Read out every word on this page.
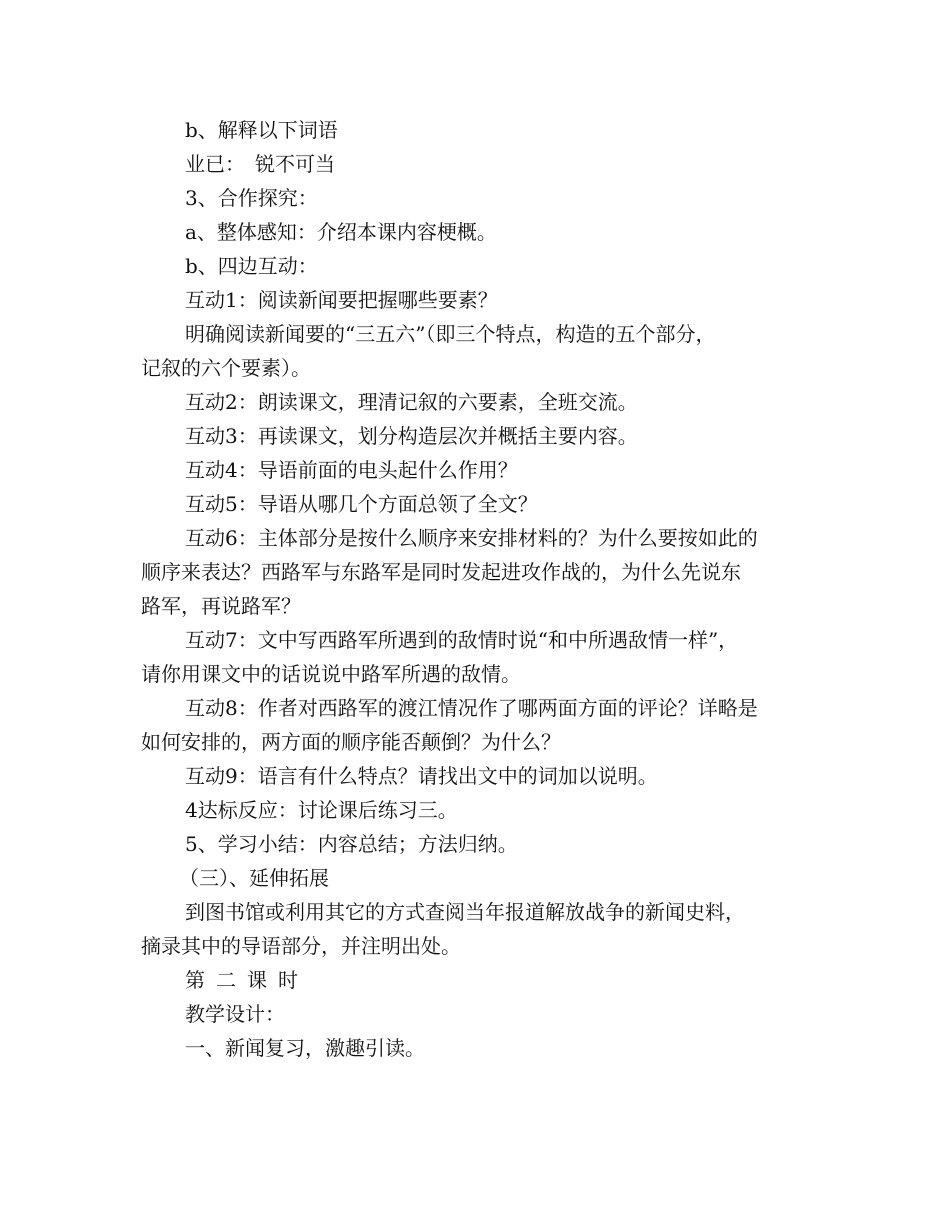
b、解释以下词语
业已：　锐不可当
3、合作探究：
a、整体感知：介绍本课内容梗概。
b、四边互动：
互动1：阅读新闻要把握哪些要素？
明确阅读新闻要的“三五六”（即三个特点，构造的五个部分，
记叙的六个要素）。
互动2：朗读课文，理清记叙的六要素，全班交流。
互动3：再读课文，划分构造层次并概括主要内容。
互动4：导语前面的电头起什么作用？
互动5：导语从哪几个方面总领了全文？
互动6：主体部分是按什么顺序来安排材料的？为什么要按如此的
顺序来表达？西路军与东路军是同时发起进攻作战的，为什么先说东
路军，再说路军？
互动7：文中写西路军所遇到的敌情时说“和中所遇敌情一样”，
请你用课文中的话说说中路军所遇的敌情。
互动8：作者对西路军的渡江情况作了哪两面方面的评论？详略是
如何安排的，两方面的顺序能否颠倒？为什么？
互动9：语言有什么特点？请找出文中的词加以说明。
4达标反应：讨论课后练习三。
5、学习小结：内容总结；方法归纳。
（三）、延伸拓展
到图书馆或利用其它的方式查阅当年报道解放战争的新闻史料，
摘录其中的导语部分，并注明出处。
第二课时
教学设计：
一、新闻复习，激趣引读。
